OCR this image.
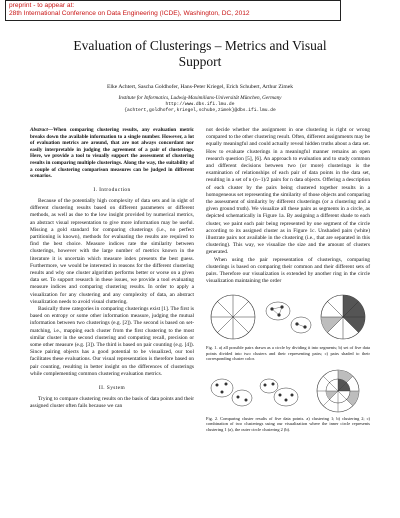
preprint - to appear at:
28th International Conference on Data Engineering (ICDE), Washington, DC, 2012
Evaluation of Clusterings – Metrics and Visual
Support
Elke Achtert, Sascha Goldhofer, Hans-Peter Kriegel, Erich Schubert, Arthur Zimek
Institute for Informatics, Ludwig-Maximilians-Universität München, Germany
http://www.dbs.ifi.lmu.de
{achtert,goldhofer,kriegel,schube,zimek}@dbs.ifi.lmu.de
Abstract—When comparing clustering results, any evaluation metric breaks down the available information to a single number. However, a lot of evaluation metrics are around, that are not always concordant nor easily interpretable in judging the agreement of a pair of clusterings. Here, we provide a tool to visually support the assessment of clustering results in comparing multiple clusterings. Along the way, the suitability of a couple of clustering comparison measures can be judged in different scenarios.
I. Introduction

Because of the potentially high complexity of data sets and in sight of different clustering results based on different parameters or different methods, as well as due to the low insight provided by numerical metrics, an abstract visual representation to give more information may be useful. Missing a gold standard for comparing clusterings (i.e., no perfect partitioning is known), methods for evaluating the results are required to find the best choice. Measure indices rate the similarity between clusterings, however with the large number of metrics known in the literature it is uncertain which measure index presents the best guess. Furthermore, we would be interested in reasons for the different clustering results and why one cluster algorithm performs better or worse on a given data set. To support research in these issues, we provide a tool evaluating measure indices and comparing clustering results. In order to apply a visualization for any clustering and any complexity of data, an abstract visualization needs to avoid visual cluttering.

Basically three categories in comparing clusterings exist [1]. The first is based on entropy or some other information measure, judging the mutual information between two clusterings (e.g. [2]). The second is based on set-matching, i.e., mapping each cluster from the first clustering to the most similar cluster in the second clustering and computing recall, precision or some other measure (e.g. [3]). The third is based on pair counting (e.g. [4]). Since pairing objects has a good potential to be visualized, our tool facilitates these evaluations. Our visual representation is therefore based on pair counting, resulting in better insight on the differences of clusterings while complementing common clustering evaluation metrics.

II. System

Trying to compare clustering results on the basis of data points and their assigned cluster often fails because we can

not decide whether the assignment in one clustering is right or wrong compared to the other clustering result. Often, different assignments may be equally meaningful and could actually reveal hidden truths about a data set. How to evaluate clusterings in a meaningful manner remains an open research question [5], [6]. An approach to evaluation and to study common and different decisions between two (or more) clusterings is the examination of relationships of each pair of data points in the data set, resulting in a set of n·(n−1)/2 pairs for n data objects. Offering a description of each cluster by the pairs being clustered together results in a homogeneous set representing the similarity of those objects and comparing the assessment of similarity by different clusterings (or a clustering and a given ground truth). We visualize all these pairs as segments in a circle, as depicted schematically in Figure 1a. By assigning a different shade to each cluster, we paint each pair being represented by one segment of the circle according to its assigned cluster as in Figure 1c. Unshaded pairs (white) illustrate pairs not available in the clustering (i.e., that are separated in this clustering). This way, we visualize the size and the amount of clusters generated.

When using the pair representation of clusterings, comparing clusterings is based on comparing their common and their different sets of pairs. Therefore our visualization is extended by another ring in the circle visualization maintaining the order

Fig. 1. a) all possible pairs drawn as a circle by dividing it into segments; b) set of five data points divided into two clusters and their representing pairs; c) pairs shaded to their corresponding cluster color.
Fig. 2. Comparing cluster results of five data points. a) clustering 1; b) clustering 2; c) combination of two clusterings using our visualization where the inner circle represents clustering 1 (a), the outer circle clustering 2 (b).
